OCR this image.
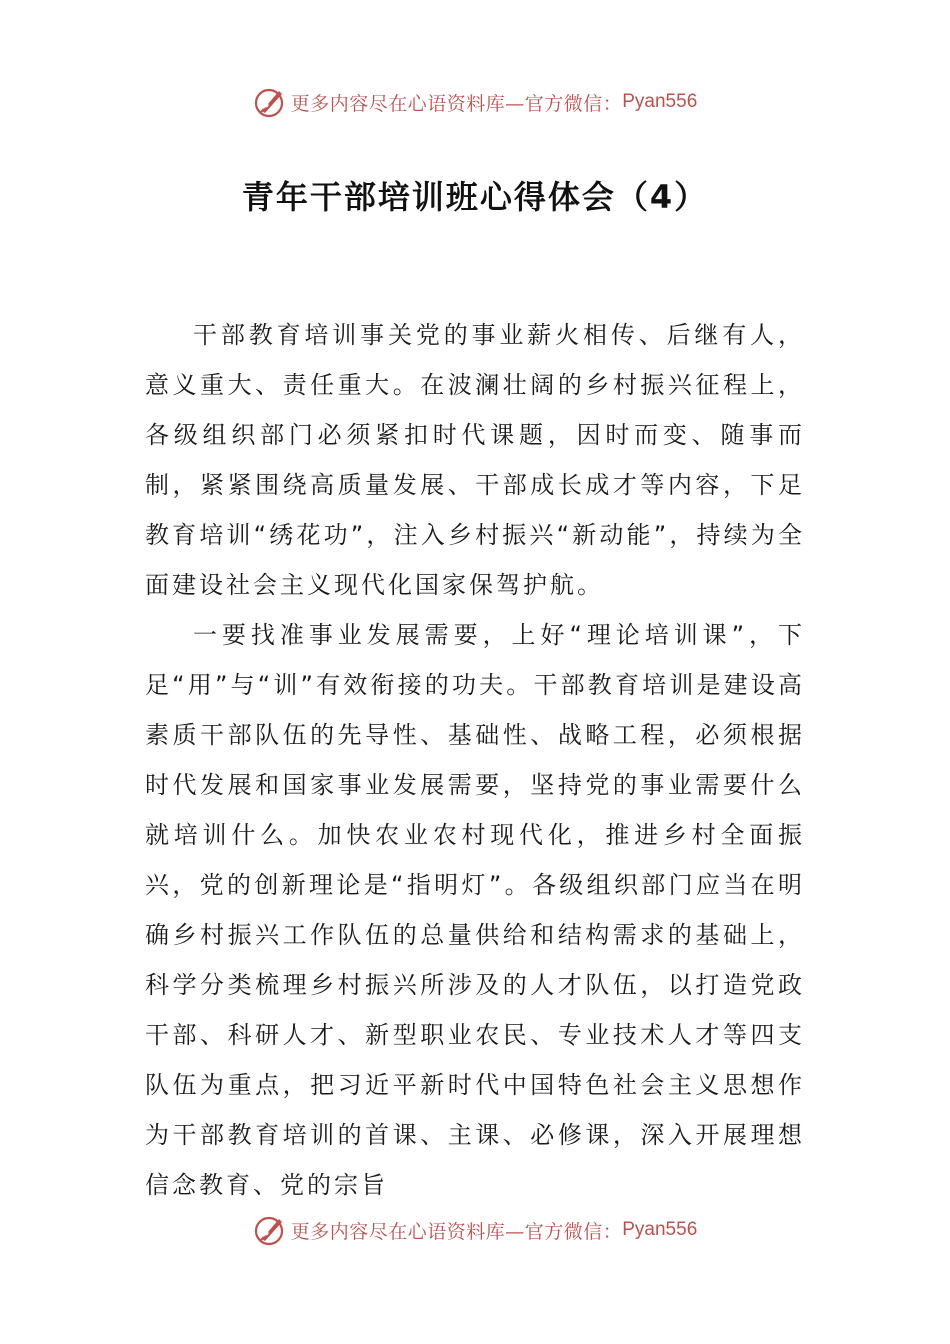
更多内容尽在心语资料库—官方微信： Pyan556
青年干部培训班心得体会（4）

干部教育培训事关党的事业薪火相传、后继有人，意义重大、责任重大。在波澜壮阔的乡村振兴征程上，各级组织部门必须紧扣时代课题，因时而变、随事而制，紧紧围绕高质量发展、干部成长成才等内容，下足教育培训“绣花功”，注入乡村振兴“新动能”，持续为全面建设社会主义现代化国家保驾护航。

一要找准事业发展需要，上好“理论培训课”，下足“用”与“训”有效衔接的功夫。干部教育培训是建设高素质干部队伍的先导性、基础性、战略工程，必须根据时代发展和国家事业发展需要，坚持党的事业需要什么就培训什么。加快农业农村现代化，推进乡村全面振兴，党的创新理论是“指明灯”。各级组织部门应当在明确乡村振兴工作队伍的总量供给和结构需求的基础上，科学分类梳理乡村振兴所涉及的人才队伍，以打造党政干部、科研人才、新型职业农民、专业技术人才等四支队伍为重点，把习近平新时代中国特色社会主义思想作为干部教育培训的首课、主课、必修课，深入开展理想信念教育、党的宗旨

更多内容尽在心语资料库—官方微信： Pyan556
